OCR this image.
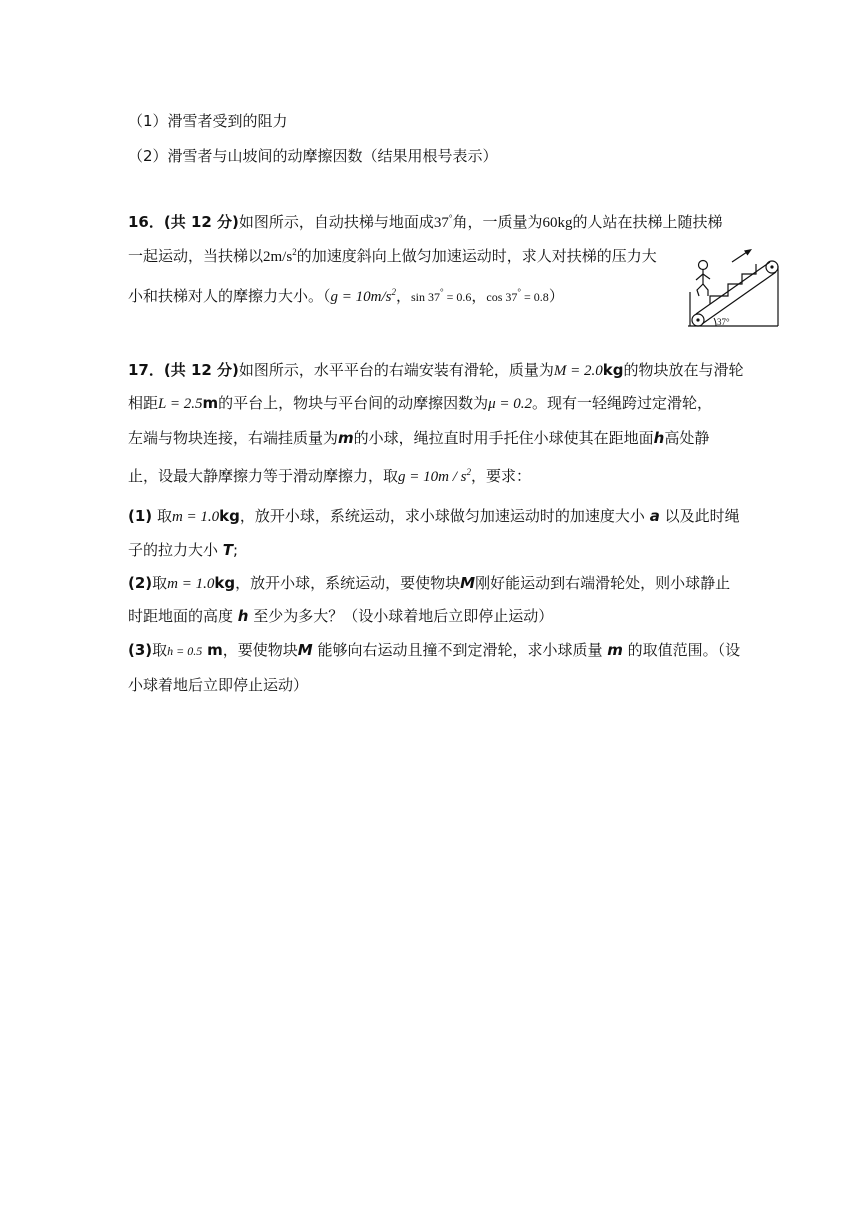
（1）滑雪者受到的阻力
（2）滑雪者与山坡间的动摩擦因数（结果用根号表示）
16．(共 12 分)如图所示，自动扶梯与地面成37°角，一质量为60kg的人站在扶梯上随扶梯
一起运动，当扶梯以$2m/s^2$的加速度斜向上做匀加速运动时，求人对扶梯的压力大
小和扶梯对人的摩擦力大小。（$g = 10m/s^2$，sin 37° = 0.6，cos 37° = 0.8）
37°
17．(共 12 分)如图所示，水平平台的右端安装有滑轮，质量为M = 2.0kg的物块放在与滑轮
相距L = 2.5m的平台上，物块与平台间的动摩擦因数为μ = 0.2。现有一轻绳跨过定滑轮，
左端与物块连接，右端挂质量为m的小球，绳拉直时用手托住小球使其在距地面h高处静
止，设最大静摩擦力等于滑动摩擦力，取$g = 10m / s^2$，要求：
(1) 取m = 1.0kg，放开小球，系统运动，求小球做匀加速运动时的加速度大小 a 以及此时绳
子的拉力大小 T;
(2)取m = 1.0kg，放开小球，系统运动，要使物块M刚好能运动到右端滑轮处，则小球静止
时距地面的高度 h 至少为多大？（设小球着地后立即停止运动）
(3)取h = 0.5 m，要使物块M 能够向右运动且撞不到定滑轮，求小球质量 m 的取值范围。（设
小球着地后立即停止运动）
